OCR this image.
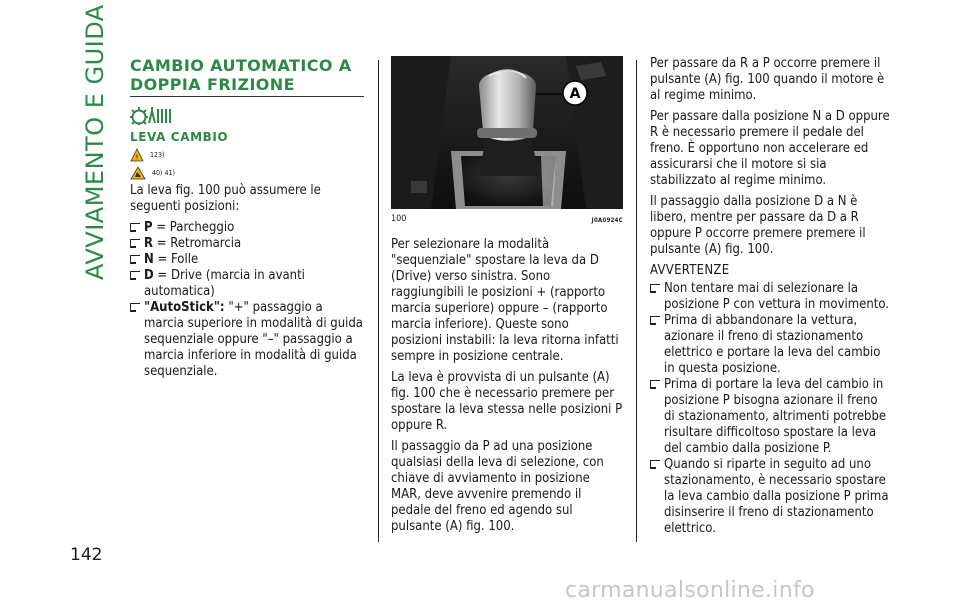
AVVIAMENTO E GUIDA
142
carmanualsonline.info
CAMBIO AUTOMATICO A DOPPIA FRIZIONE
LEVA CAMBIO
! 123)
40) 41)

La leva fig. 100 può assumere le seguenti posizioni:

P = Parcheggio
R = Retromarcia
N = Folle
D = Drive (marcia in avanti automatica)
"AutoStick": "+" passaggio a marcia superiore in modalità di guida sequenziale oppure "–" passaggio a marcia inferiore in modalità di guida sequenziale.
A
100	J0A0924C

Per selezionare la modalità "sequenziale" spostare la leva da D (Drive) verso sinistra. Sono raggiungibili le posizioni + (rapporto marcia superiore) oppure – (rapporto marcia inferiore). Queste sono posizioni instabili: la leva ritorna infatti sempre in posizione centrale.

La leva è provvista di un pulsante (A) fig. 100 che è necessario premere per spostare la leva stessa nelle posizioni P oppure R.

Il passaggio da P ad una posizione qualsiasi della leva di selezione, con chiave di avviamento in posizione MAR, deve avvenire premendo il pedale del freno ed agendo sul pulsante (A) fig. 100.

Per passare da R a P occorre premere il pulsante (A) fig. 100 quando il motore è al regime minimo.

Per passare dalla posizione N a D oppure R è necessario premere il pedale del freno. È opportuno non accelerare ed assicurarsi che il motore si sia stabilizzato al regime minimo.

Il passaggio dalla posizione D a N è libero, mentre per passare da D a R oppure P occorre premere premere il pulsante (A) fig. 100.

AVVERTENZE
Non tentare mai di selezionare la posizione P con vettura in movimento.
Prima di abbandonare la vettura, azionare il freno di stazionamento elettrico e portare la leva del cambio in questa posizione.
Prima di portare la leva del cambio in posizione P bisogna azionare il freno di stazionamento, altrimenti potrebbe risultare difficoltoso spostare la leva del cambio dalla posizione P.
Quando si riparte in seguito ad uno stazionamento, è necessario spostare la leva cambio dalla posizione P prima disinserire il freno di stazionamento elettrico.
